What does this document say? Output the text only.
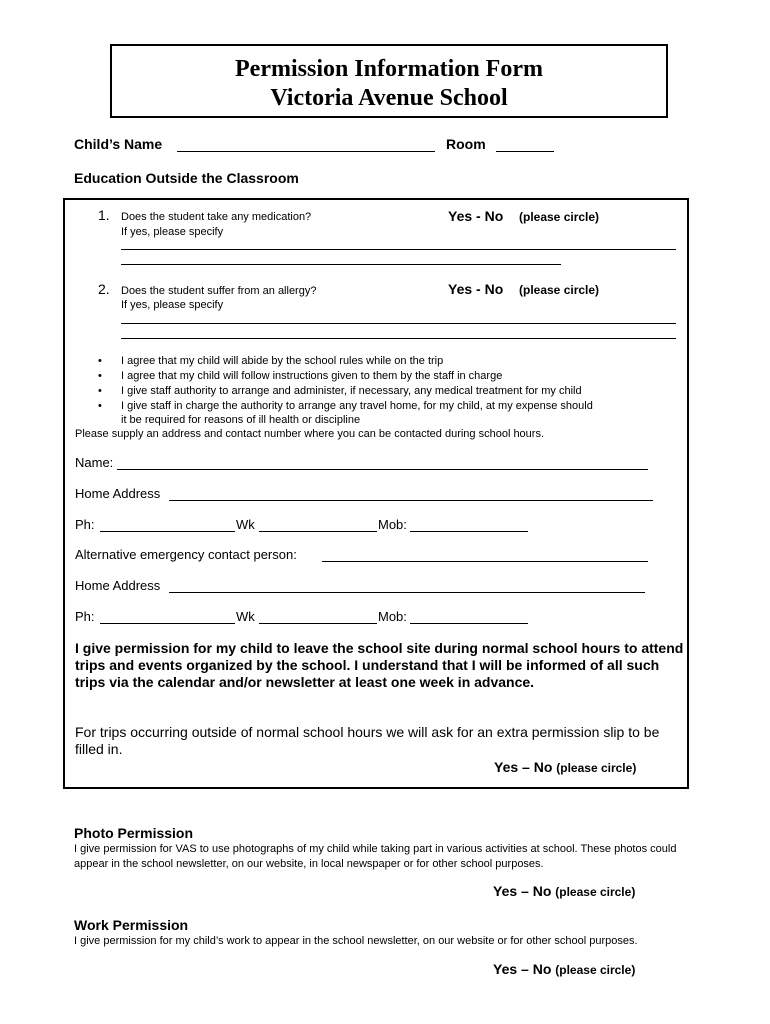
Permission Information Form
Victoria Avenue School
Child’s Name	Room
Education Outside the Classroom
1. Does the student take any medication?	Yes - No (please circle)
If yes, please specify
2. Does the student suffer from an allergy?	Yes - No (please circle)
If yes, please specify
• I agree that my child will abide by the school rules while on the trip
• I agree that my child will follow instructions given to them by the staff in charge
• I give staff authority to arrange and administer, if necessary, any medical treatment for my child
• I give staff in charge the authority to arrange any travel home, for my child, at my expense should
it be required for reasons of ill health or discipline
Please supply an address and contact number where you can be contacted during school hours.
Name:
Home Address
Ph:	Wk	Mob:
Alternative emergency contact person:
Home Address
Ph:	Wk	Mob:
I give permission for my child to leave the school site during normal school hours to attend trips and events organized by the school. I understand that I will be informed of all such trips via the calendar and/or newsletter at least one week in advance.
For trips occurring outside of normal school hours we will ask for an extra permission slip to be filled in.
Yes – No (please circle)
Photo Permission
I give permission for VAS to use photographs of my child while taking part in various activities at school. These photos could appear in the school newsletter, on our website, in local newspaper or for other school purposes.
Yes – No (please circle)
Work Permission
I give permission for my child’s work to appear in the school newsletter, on our website or for other school purposes.
Yes – No (please circle)
